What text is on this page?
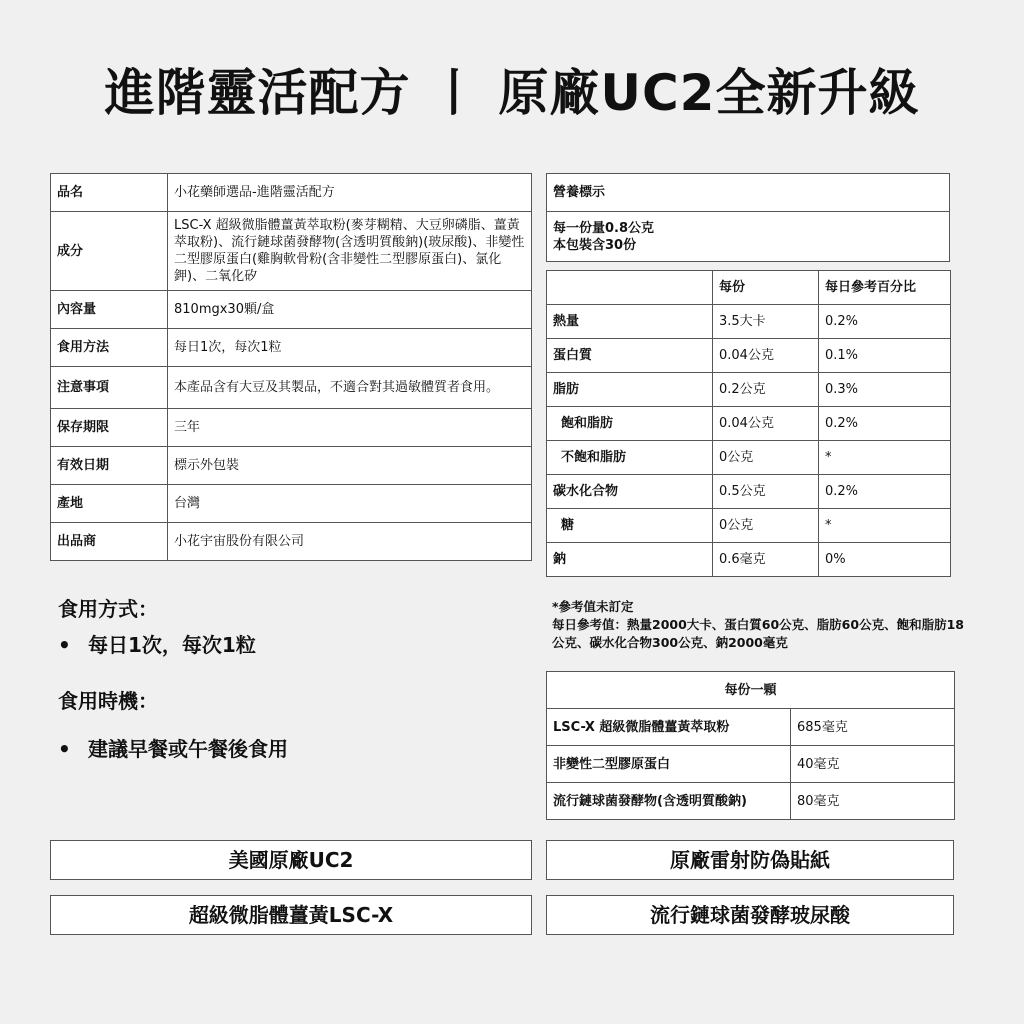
進階靈活配方 丨 原廠UC2全新升級
品名	小花藥師選品-進階靈活配方
成分	LSC-X 超級微脂體薑黃萃取粉(麥芽糊精、大豆卵磷脂、薑黃萃取粉)、流行鏈球菌發酵物(含透明質酸鈉)(玻尿酸)、非變性二型膠原蛋白(雞胸軟骨粉(含非變性二型膠原蛋白)、氯化鉀)、二氧化矽
內容量	810mgx30顆/盒
食用方法	每日1次，每次1粒
注意事項	本產品含有大豆及其製品，不適合對其過敏體質者食用。
保存期限	三年
有效日期	標示外包裝
產地	台灣
出品商	小花宇宙股份有限公司
營養標示

每一份量0.8公克
本包裝含30份
	每份	每日參考百分比
熱量	3.5大卡	0.2%
蛋白質	0.04公克	0.1%
脂肪	0.2公克	0.3%
飽和脂肪	0.04公克	0.2%
不飽和脂肪	0公克	*
碳水化合物	0.5公克	0.2%
糖	0公克	*
鈉	0.6毫克	0%
*參考值未訂定
每日參考值：熱量2000大卡、蛋白質60公克、脂肪60公克、飽和脂肪18公克、碳水化合物300公克、鈉2000毫克
食用方式：
• 每日1次，每次1粒
食用時機：
• 建議早餐或午餐後食用
每份一顆	
LSC-X 超級微脂體薑黃萃取粉	685毫克
非變性二型膠原蛋白	40毫克
流行鏈球菌發酵物(含透明質酸鈉)	80毫克
美國原廠UC2	原廠雷射防偽貼紙
超級微脂體薑黃LSC-X	流行鏈球菌發酵玻尿酸
